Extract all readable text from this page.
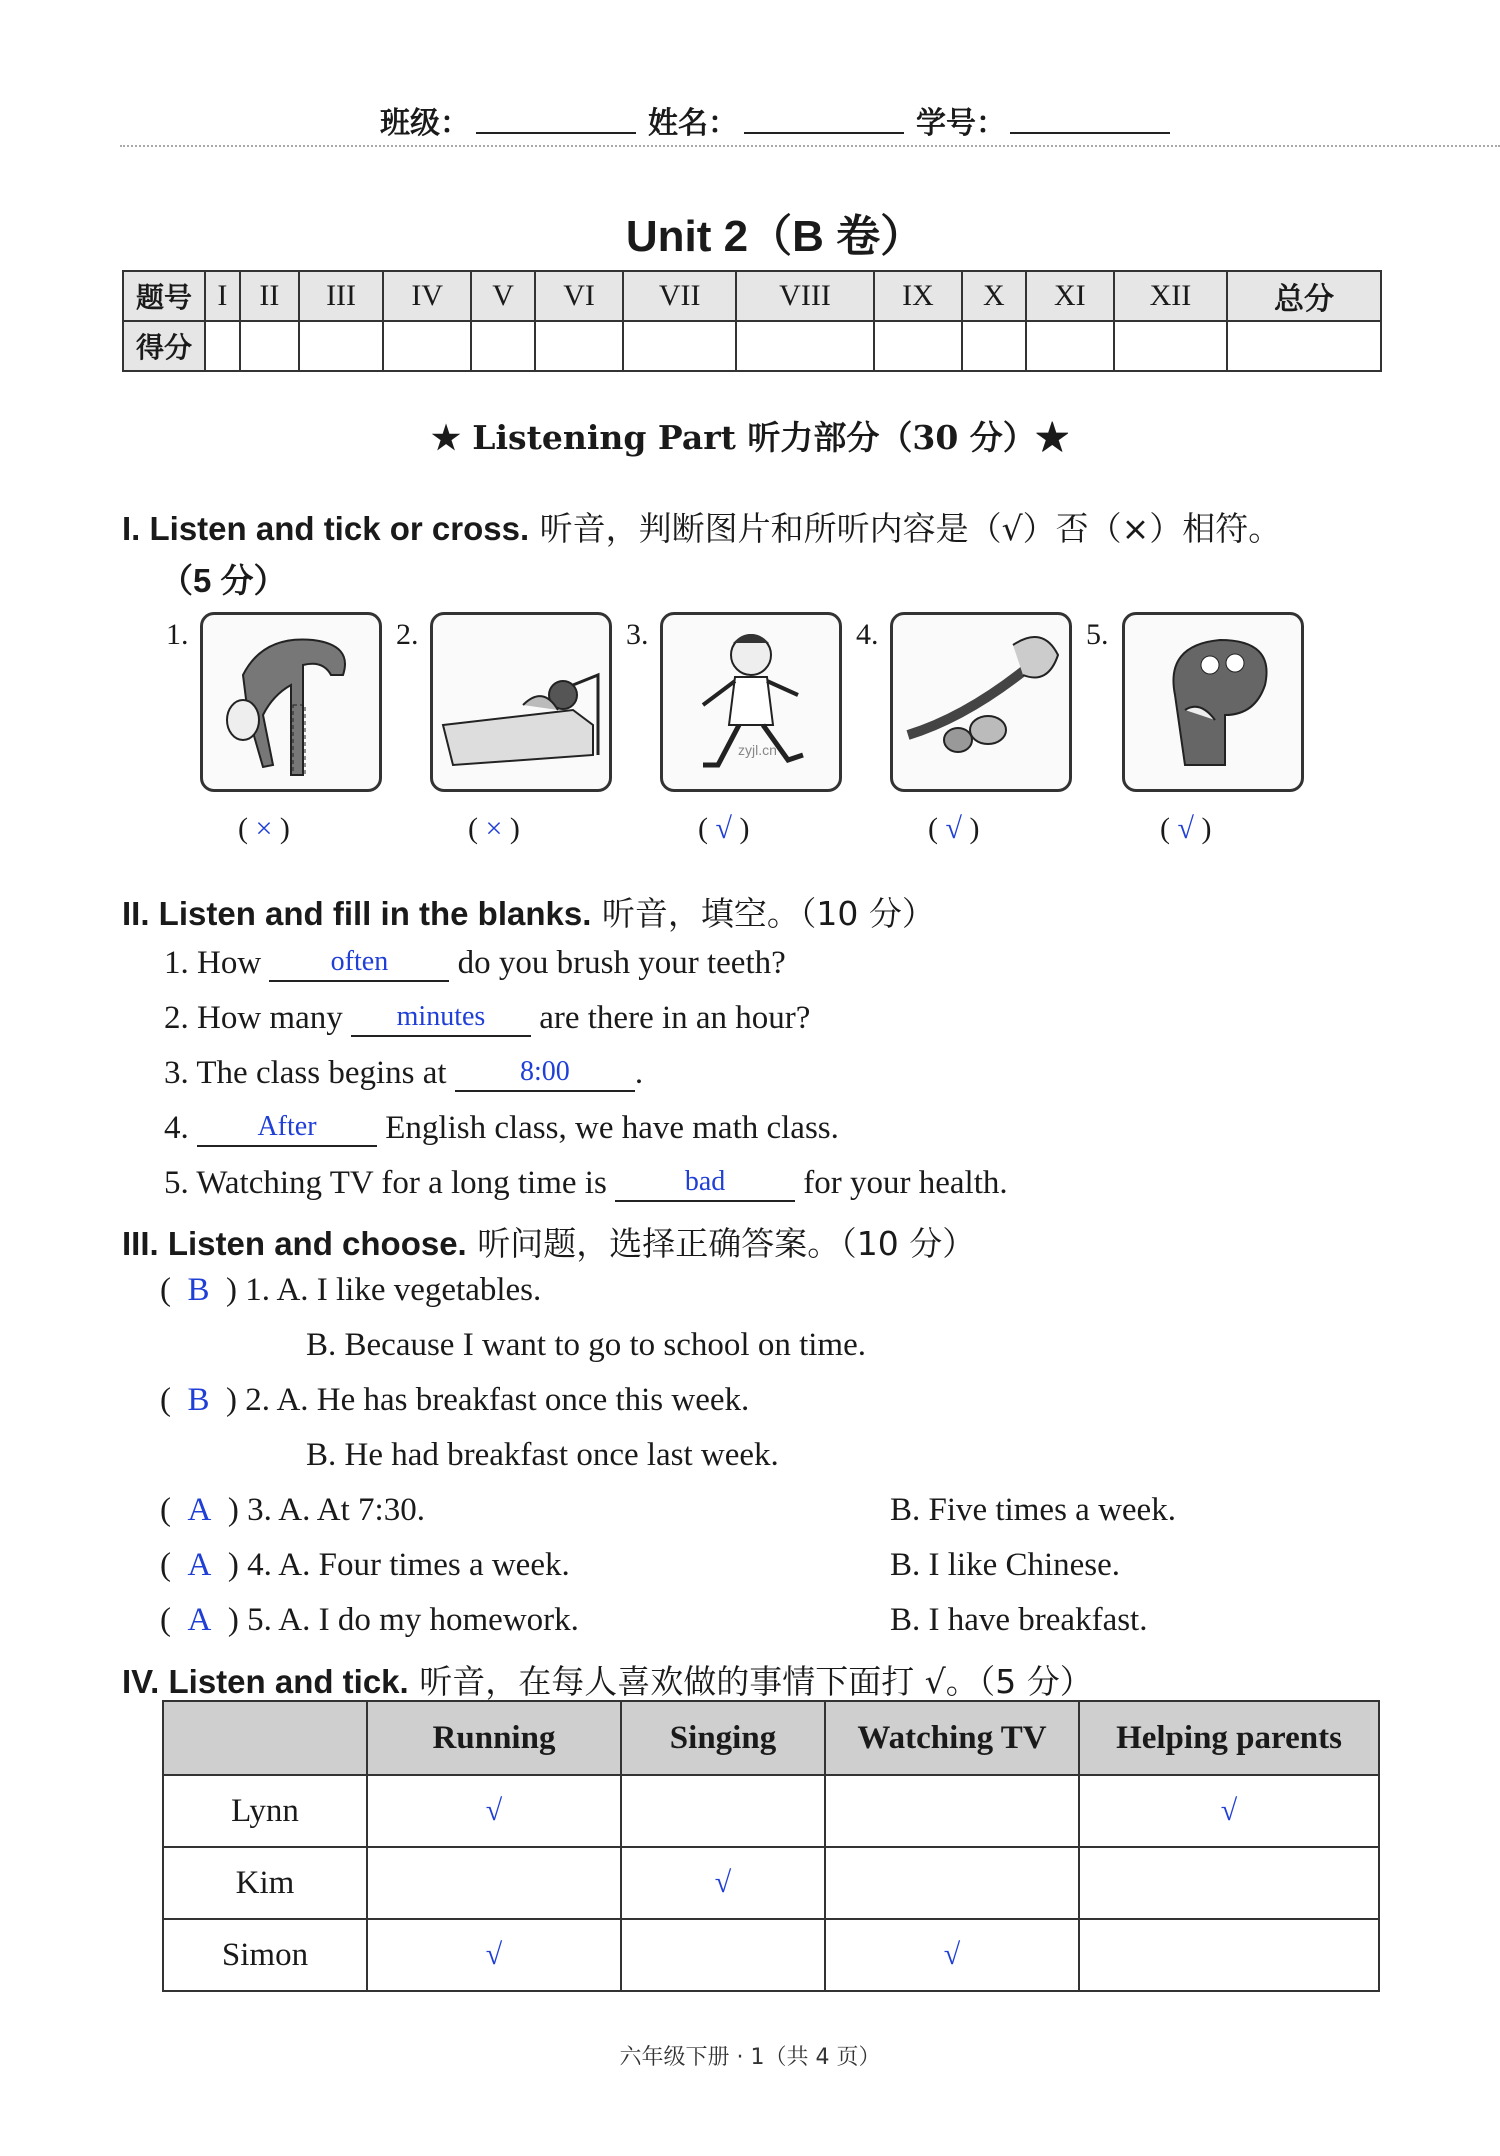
班级：	姓名：	学号：
Unit 2（B 卷）
题号	I	II	III	IV	V	VI	VII	VIII	IX	X	XI	XII	总分
得分													
★ Listening Part 听力部分（30 分）★
I. Listen and tick or cross. 听音，判断图片和所听内容是（√）否（×）相符。
（5 分）
1.
( × )
2.
( × )
3.
zyjl.cn
( √ )
4.
( √ )
5.
( √ )
II. Listen and fill in the blanks. 听音，填空。（10 分）
1. How often do you brush your teeth?
2. How many minutes are there in an hour?
3. The class begins at	8:00 .
4. After English class, we have math class.
5. Watching TV for a long time is	bad for your health.
III. Listen and choose. 听问题，选择正确答案。（10 分）
(  B  ) 1. A. I like vegetables.
B. Because I want to go to school on time.
(  B  ) 2. A. He has breakfast once this week.
B. He had breakfast once last week.
(  A  ) 3. A. At 7:30.	B. Five times a week.
(  A  ) 4. A. Four times a week.	B. I like Chinese.
(  A  ) 5. A. I do my homework.	B. I have breakfast.
IV. Listen and tick. 听音，在每人喜欢做的事情下面打 √。（5 分）
	Running	Singing	Watching TV	Helping parents
Lynn	√			√
Kim		√		
Simon	√		√	
六年级下册 · 1（共 4 页）
